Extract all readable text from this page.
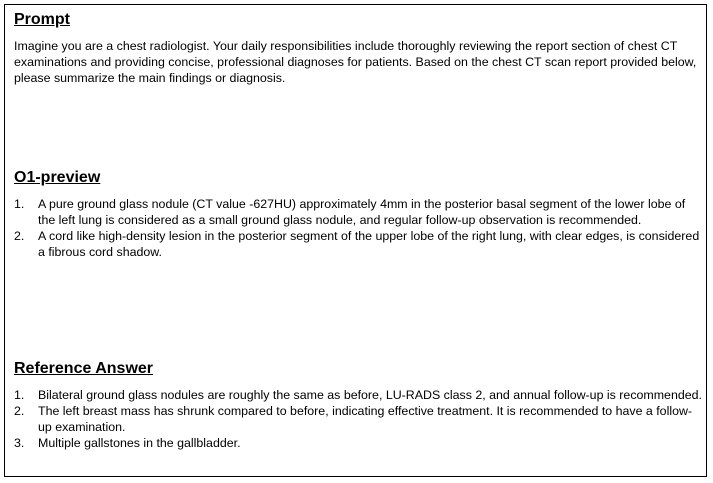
Prompt

Imagine you are a chest radiologist. Your daily responsibilities include thoroughly reviewing the report section of chest CT examinations and providing concise, professional diagnoses for patients. Based on the chest CT scan report provided below, please summarize the main findings or diagnosis.

O1-preview
1. A pure ground glass nodule (CT value -627HU) approximately 4mm in the posterior basal segment of the lower lobe of the left lung is considered as a small ground glass nodule, and regular follow-up observation is recommended.
2. A cord like high-density lesion in the posterior segment of the upper lobe of the right lung, with clear edges, is considered a fibrous cord shadow.
Reference Answer
1. Bilateral ground glass nodules are roughly the same as before, LU-RADS class 2, and annual follow-up is recommended.
2. The left breast mass has shrunk compared to before, indicating effective treatment. It is recommended to have a follow-up examination.
3. Multiple gallstones in the gallbladder.
